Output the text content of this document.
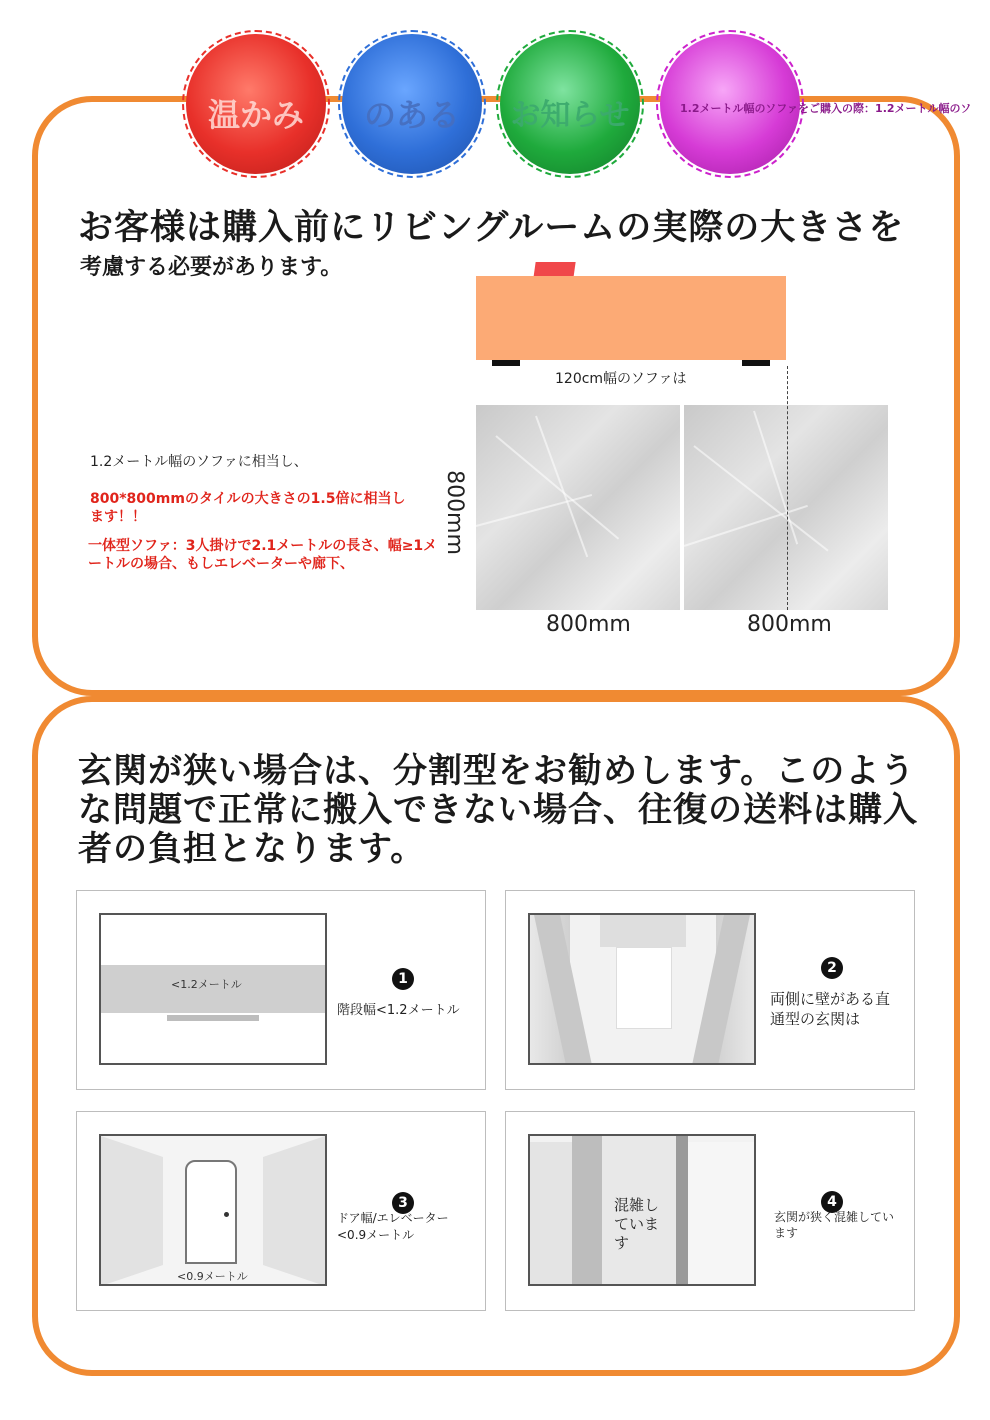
温かみ	のある	お知らせ	1.2メートル幅のソファをご購入の際：1.2メートル幅のソ
お客様は購入前にリビングルームの実際の大きさを
考慮する必要があります。
120cm幅のソファは
800mm
800mm	800mm
1.2メートル幅のソファに相当し、
800*800mmのタイルの大きさの1.5倍に相当します！！
一体型ソファ：3人掛けで2.1メートルの長さ、幅≥1メートルの場合、もしエレベーターや廊下、
玄関が狭い場合は、分割型をお勧めします。このような問題で正常に搬入できない場合、往復の送料は購入者の負担となります。
<1.2メートル	1
階段幅<1.2メートル
2
両側に壁がある直通型の玄関は
<0.9メートル
3
ドア幅/エレベーター<0.9メートル
混雑しています
4
玄関が狭く混雑しています
